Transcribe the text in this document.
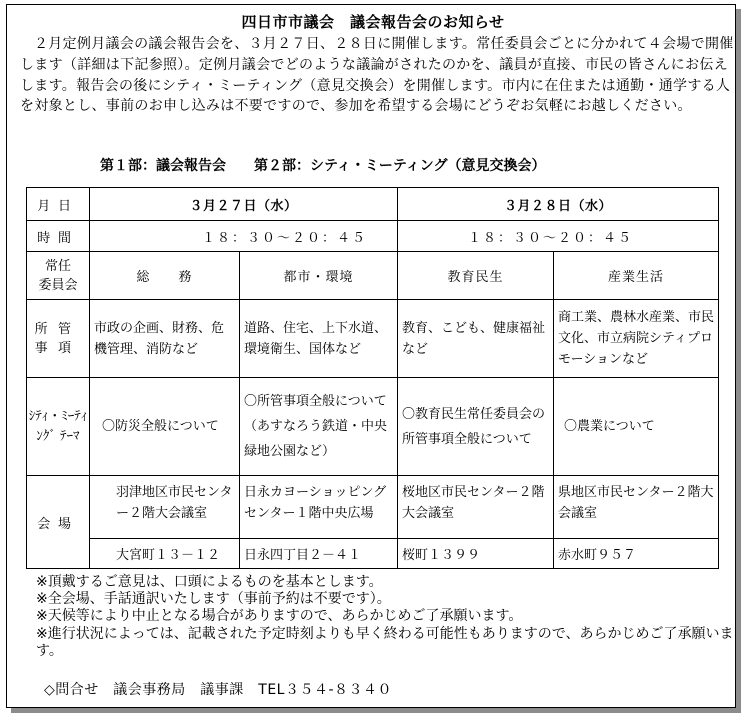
四日市市議会　議会報告会のお知らせ

２月定例月議会の議会報告会を、３月２７日、２８日に開催します。常任委員会ごとに分かれて４会場で開催します（詳細は下記参照）。定例月議会でどのような議論がされたのかを、議員が直接、市民の皆さんにお伝えします。報告会の後にシティ・ミーティング（意見交換会）を開催します。市内に在住または通勤・通学する人を対象とし、事前のお申し込みは不要ですので、参加を希望する会場にどうぞお気軽にお越しください。

第１部：議会報告会　　第２部：シティ・ミーティング（意見交換会）
月日	３月２７日（水）		３月２８日（水）	
時間	１８：３０～２０：４５		１８：３０～２０：４５	

常任
委員会	総　　務	都市・環境	教育民生	産業生活

所管
事項	市政の企画、財務、危機管理、消防など	道路、住宅、上下水道、環境衛生、国体など	教育、こども、健康福祉など	商工業、農林水産業、市民文化、市立病院シティプロモーションなど

ｼﾃｨ・ﾐｰﾃｨ
ﾝｸﾞ ﾃｰﾏ	〇防災全般について	〇所管事項全般について（あすなろう鉄道・中央緑地公園など）	〇教育民生常任委員会の所管事項全般について	〇農業について
会場	羽津地区市民センター２階大会議室	日永カヨーショッピングセンター１階中央広場	桜地区市民センター２階大会議室	県地区市民センター２階大会議室
	大宮町１３－１２	日永四丁目２－４１	桜町１３９９	赤水町９５７
※頂戴するご意見は、口頭によるものを基本とします。
※全会場、手話通訳いたします（事前予約は不要です）。
※天候等により中止となる場合がありますので、あらかじめご了承願います。
※進行状況によっては、記載された予定時刻よりも早く終わる可能性もありますので、あらかじめご了承願います。
◇問合せ　議会事務局　議事課　TEL３５４-８３４０
